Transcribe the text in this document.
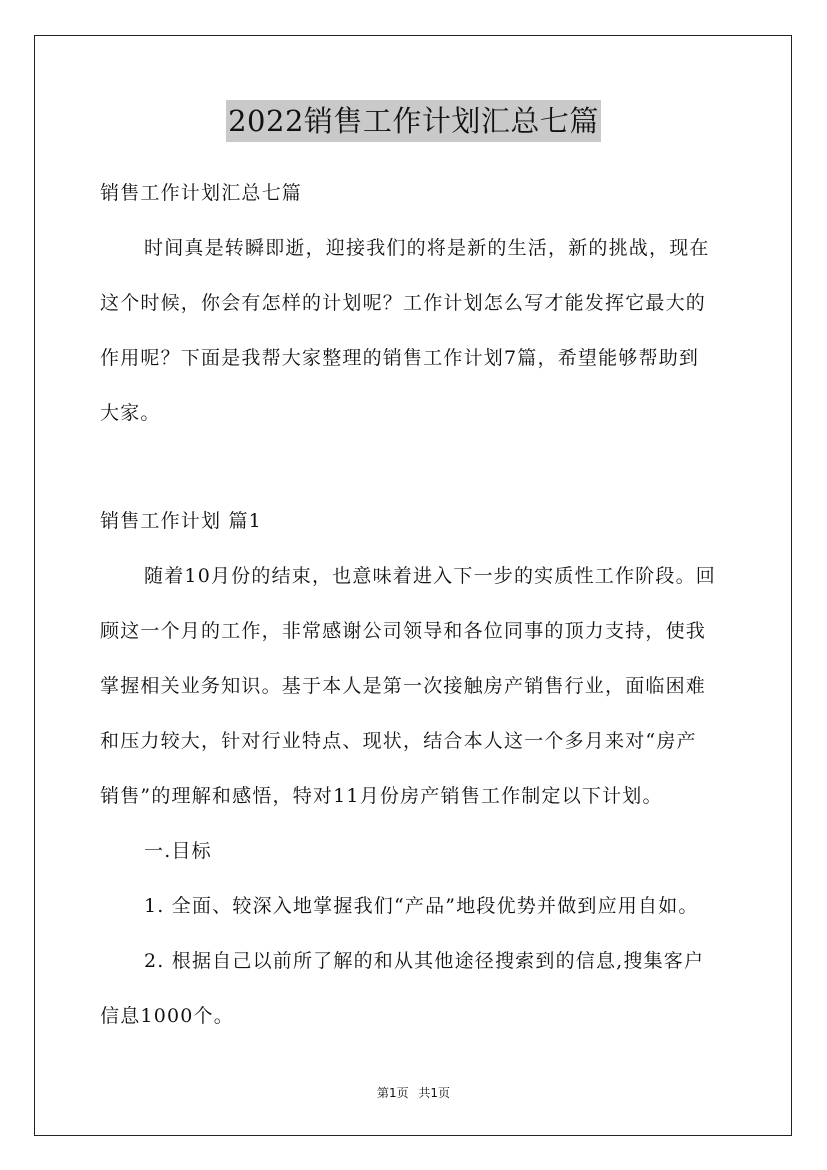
2022销售工作计划汇总七篇
销售工作计划汇总七篇
时间真是转瞬即逝，迎接我们的将是新的生活，新的挑战，现在
这个时候，你会有怎样的计划呢？工作计划怎么写才能发挥它最大的
作用呢？下面是我帮大家整理的销售工作计划7篇，希望能够帮助到
大家。
销售工作计划 篇1
随着10月份的结束，也意味着进入下一步的实质性工作阶段。回
顾这一个月的工作，非常感谢公司领导和各位同事的顶力支持，使我
掌握相关业务知识。基于本人是第一次接触房产销售行业，面临困难
和压力较大，针对行业特点、现状，结合本人这一个多月来对“房产
销售”的理解和感悟，特对11月份房产销售工作制定以下计划。
一.目标
1. 全面、较深入地掌握我们“产品”地段优势并做到应用自如。
2. 根据自己以前所了解的和从其他途径搜索到的信息,搜集客户
信息1000个。
第1页 共1页
